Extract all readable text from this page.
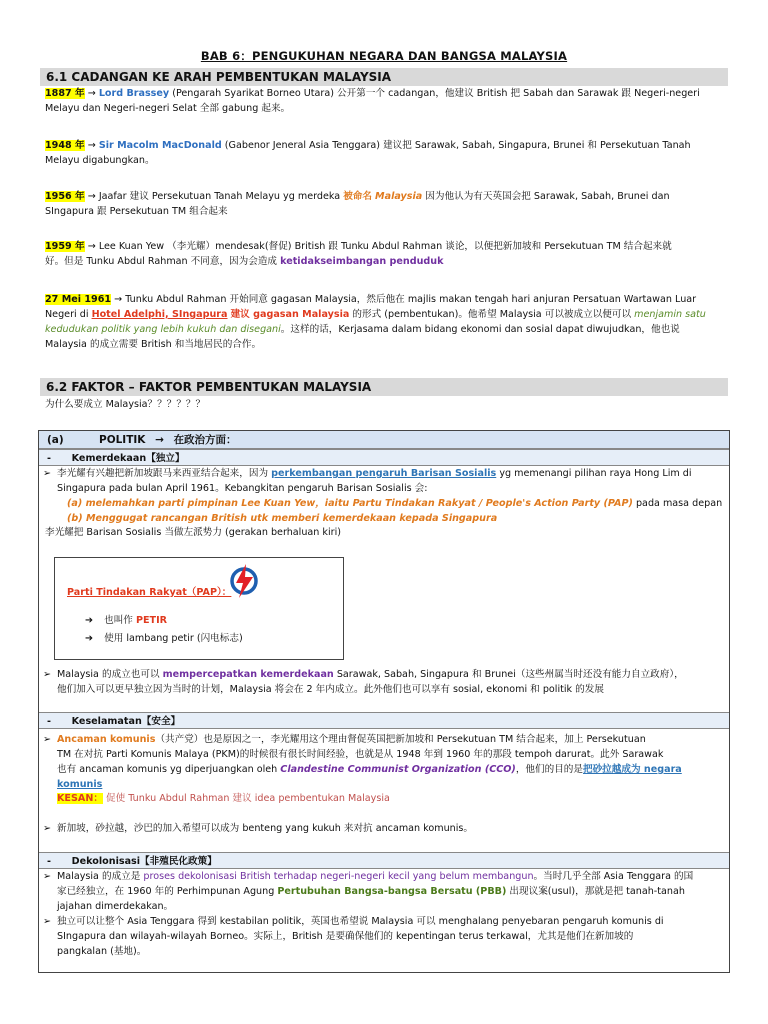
BAB 6：PENGUKUHAN NEGARA DAN BANGSA MALAYSIA
6.1 CADANGAN KE ARAH PEMBENTUKAN MALAYSIA
1887 年 → Lord Brassey (Pengarah Syarikat Borneo Utara) 公开第一个 cadangan，他建议 British 把 Sabah dan Sarawak 跟 Negeri-negeri
Melayu dan Negeri-negeri Selat 全部 gabung 起来。
1948 年 → Sir Macolm MacDonald (Gabenor Jeneral Asia Tenggara) 建议把 Sarawak, Sabah, Singapura, Brunei 和 Persekutuan Tanah
Melayu digabungkan。
1956 年 → Jaafar 建议 Persekutuan Tanah Melayu yg merdeka 被命名 Malaysia 因为他认为有天英国会把 Sarawak, Sabah, Brunei dan
SIngapura 跟 Persekutuan TM 组合起来
1959 年 → Lee Kuan Yew （李光耀）mendesak(督促) British 跟 Tunku Abdul Rahman 谈论，以便把新加坡和 Persekutuan TM 结合起来就
好。但是 Tunku Abdul Rahman 不同意，因为会造成 ketidakseimbangan penduduk
27 Mei 1961 → Tunku Abdul Rahman 开始同意 gagasan Malaysia，然后他在 majlis makan tengah hari anjuran Persatuan Wartawan Luar
Negeri di Hotel Adelphi, SIngapura 建议 gagasan Malaysia 的形式 (pembentukan)。他希望 Malaysia 可以被成立以便可以 menjamin satu
kedudukan politik yang lebih kukuh dan disegani。这样的话，Kerjasama dalam bidang ekonomi dan sosial dapat diwujudkan，他也说
Malaysia 的成立需要 British 和当地居民的合作。
6.2 FAKTOR – FAKTOR PEMBENTUKAN MALAYSIA
为什么要成立 Malaysia？？？？？？
(a)	POLITIK → 在政治方面：
- Kemerdekaan【独立】
➢ 李光耀有兴趣把新加坡跟马来西亚结合起来，因为 perkembangan pengaruh Barisan Sosialis yg memenangi pilihan raya Hong Lim di
Singapura pada bulan April 1961。Kebangkitan pengaruh Barisan Sosialis 会:
(a) melemahkan parti pimpinan Lee Kuan Yew，iaitu Partu Tindakan Rakyat / People's Action Party (PAP) pada masa depan
(b) Menggugat rancangan British utk memberi kemerdekaan kepada Singapura
李光耀把 Barisan Sosialis 当做左派势力 (gerakan berhaluan kiri)
Parti Tindakan Rakyat（PAP）：
➔ 也叫作 PETIR
➔ 使用 lambang petir (闪电标志)
➢ Malaysia 的成立也可以 mempercepatkan kemerdekaan Sarawak, Sabah, Singapura 和 Brunei（这些州属当时还没有能力自立政府），
他们加入可以更早独立因为当时的计划，Malaysia 将会在 2 年内成立。此外他们也可以享有 sosial, ekonomi 和 politik 的发展
- Keselamatan【安全】
➢ Ancaman komunis（共产党）也是原因之一，李光耀用这个理由督促英国把新加坡和 Persekutuan TM 结合起来，加上 Persekutuan
TM 在对抗 Parti Komunis Malaya (PKM)的时候很有很长时间经验，也就是从 1948 年到 1960 年的那段 tempoh darurat。此外 Sarawak
也有 ancaman komunis yg diperjuangkan oleh Clandestine Communist Organization (CCO)，他们的目的是把砂拉越成为 negara
komunis
KESAN： 促使 Tunku Abdul Rahman 建议 idea pembentukan Malaysia
➢ 新加坡，砂拉越，沙巴的加入希望可以成为 benteng yang kukuh 来对抗 ancaman komunis。
- Dekolonisasi【非殖民化政策】
➢ Malaysia 的成立是 proses dekolonisasi British terhadap negeri-negeri kecil yang belum membangun。当时几乎全部 Asia Tenggara 的国
家已经独立，在 1960 年的 Perhimpunan Agung Pertubuhan Bangsa-bangsa Bersatu (PBB) 出现议案(usul)，那就是把 tanah-tanah
jajahan dimerdekakan。
➢ 独立可以让整个 Asia Tenggara 得到 kestabilan politik，英国也希望说 Malaysia 可以 menghalang penyebaran pengaruh komunis di
SIngapura dan wilayah-wilayah Borneo。实际上，British 是要确保他们的 kepentingan terus terkawal，尤其是他们在新加坡的
pangkalan (基地)。
